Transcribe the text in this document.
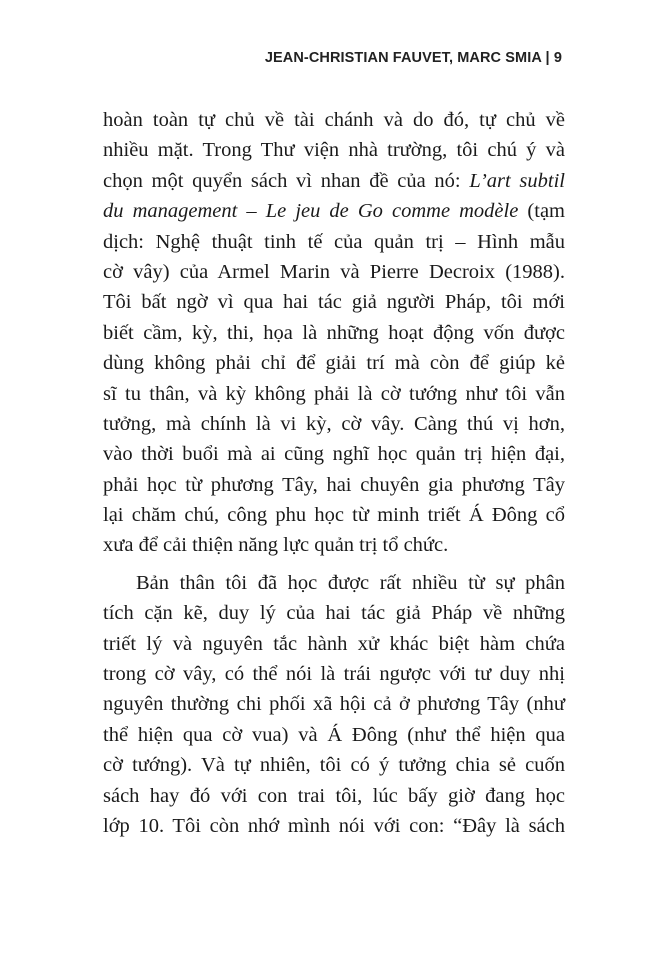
JEAN-CHRISTIAN FAUVET, MARC SMIA | 9

hoàn toàn tự chủ về tài chánh và do đó, tự chủ về
nhiều mặt. Trong Thư viện nhà trường, tôi chú ý và
chọn một quyển sách vì nhan đề của nó: L’art subtil
du management – Le jeu de Go comme modèle (tạm
dịch: Nghệ thuật tinh tế của quản trị – Hình mẫu
cờ vây) của Armel Marin và Pierre Decroix (1988).
Tôi bất ngờ vì qua hai tác giả người Pháp, tôi mới
biết cầm, kỳ, thi, họa là những hoạt động vốn được
dùng không phải chỉ để giải trí mà còn để giúp kẻ
sĩ tu thân, và kỳ không phải là cờ tướng như tôi vẫn
tưởng, mà chính là vi kỳ, cờ vây. Càng thú vị hơn,
vào thời buổi mà ai cũng nghĩ học quản trị hiện đại,
phải học từ phương Tây, hai chuyên gia phương Tây
lại chăm chú, công phu học từ minh triết Á Đông cổ
xưa để cải thiện năng lực quản trị tổ chức.

Bản thân tôi đã học được rất nhiều từ sự phân
tích cặn kẽ, duy lý của hai tác giả Pháp về những
triết lý và nguyên tắc hành xử khác biệt hàm chứa
trong cờ vây, có thể nói là trái ngược với tư duy nhị
nguyên thường chi phối xã hội cả ở phương Tây (như
thể hiện qua cờ vua) và Á Đông (như thể hiện qua
cờ tướng). Và tự nhiên, tôi có ý tưởng chia sẻ cuốn
sách hay đó với con trai tôi, lúc bấy giờ đang học
lớp 10. Tôi còn nhớ mình nói với con: “Đây là sách
